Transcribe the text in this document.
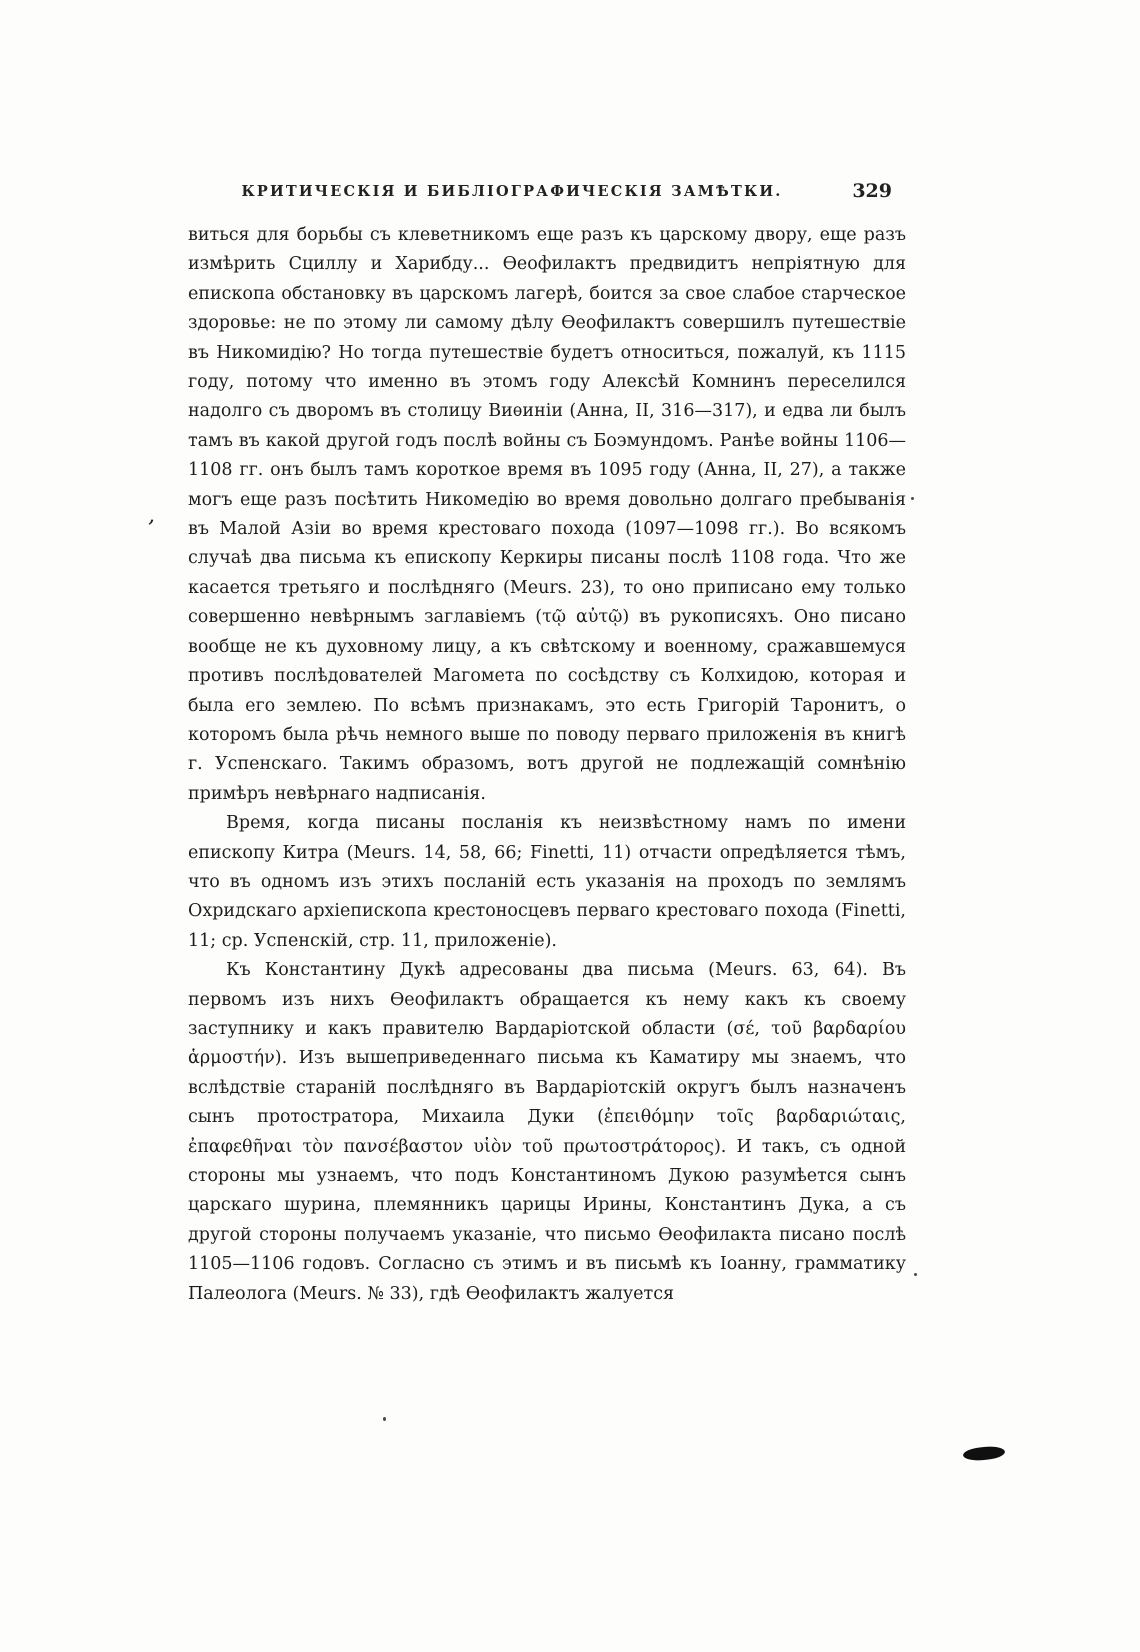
КРИТИЧЕСКІЯ И БИБЛІОГРАФИЧЕСКІЯ ЗАМѢТКИ.	329

виться для борьбы съ клеветникомъ еще разъ къ царскому двору, еще разъ измѣрить Сциллу и Харибду... Ѳеофилактъ предвидитъ непріятную для епископа обстановку въ царскомъ лагерѣ, боится за свое слабое старческое здоровье: не по этому ли самому дѣлу Ѳеофилактъ совершилъ путешествіе въ Никомидію? Но тогда путешествіе будетъ относиться, пожалуй, къ 1115 году, потому что именно въ этомъ году Алексѣй Комнинъ переселился надолго съ дворомъ въ столицу Виѳиніи (Анна, II, 316—317), и едва ли былъ тамъ въ какой другой годъ послѣ войны съ Боэмундомъ. Ранѣе войны 1106—1108 гг. онъ былъ тамъ короткое время въ 1095 году (Анна, II, 27), а также могъ еще разъ посѣтить Никомедію во время довольно долгаго пребыванія въ Малой Азіи во время крестоваго похода (1097—1098 гг.). Во всякомъ случаѣ два письма къ епископу Керкиры писаны послѣ 1108 года. Что же касается третьяго и послѣдняго (Meurs. 23), то оно приписано ему только совершенно невѣрнымъ заглавіемъ (τῷ αὐτῷ) въ рукописяхъ. Оно писано вообще не къ духовному лицу, а къ свѣтскому и военному, сражавшемуся противъ послѣдователей Магомета по сосѣдству съ Колхидою, которая и была его землею. По всѣмъ признакамъ, это есть Григорій Таронитъ, о которомъ была рѣчь немного выше по поводу перваго приложенія въ книгѣ г. Успенскаго. Такимъ образомъ, вотъ другой не подлежащій сомнѣнію примѣръ невѣрнаго надписанія.

Время, когда писаны посланія къ неизвѣстному намъ по имени епископу Китра (Meurs. 14, 58, 66; Finetti, 11) отчасти опредѣляется тѣмъ, что въ одномъ изъ этихъ посланій есть указанія на проходъ по землямъ Охридскаго архіепископа крестоносцевъ перваго крестоваго похода (Finetti, 11; ср. Успенскій, стр. 11, приложеніе).

Къ Константину Дукѣ адресованы два письма (Meurs. 63, 64). Въ первомъ изъ нихъ Ѳеофилактъ обращается къ нему какъ къ своему заступнику и какъ правителю Вардаріотской области (σέ, τοῦ βαρδαρίου ἁρμοστήν). Изъ вышеприведеннаго письма къ Каматиру мы знаемъ, что вслѣдствіе стараній послѣдняго въ Вардаріотскій округъ былъ назначенъ сынъ протостратора, Михаила Дуки (ἐπειθόμην τοῖς βαρδαριώταις, ἐπαφεθῆναι τὸν πανσέβαστον υἱὸν τοῦ πρωτοστράτορος). И такъ, съ одной стороны мы узнаемъ, что подъ Константиномъ Дукою разумѣется сынъ царскаго шурина, племянникъ царицы Ирины, Константинъ Дука, а съ другой стороны получаемъ указаніе, что письмо Ѳеофилакта писано послѣ 1105—1106 годовъ. Согласно съ этимъ и въ письмѣ къ Іоанну, грамматику Палеолога (Meurs. № 33), гдѣ Ѳеофилактъ жалуется

,
